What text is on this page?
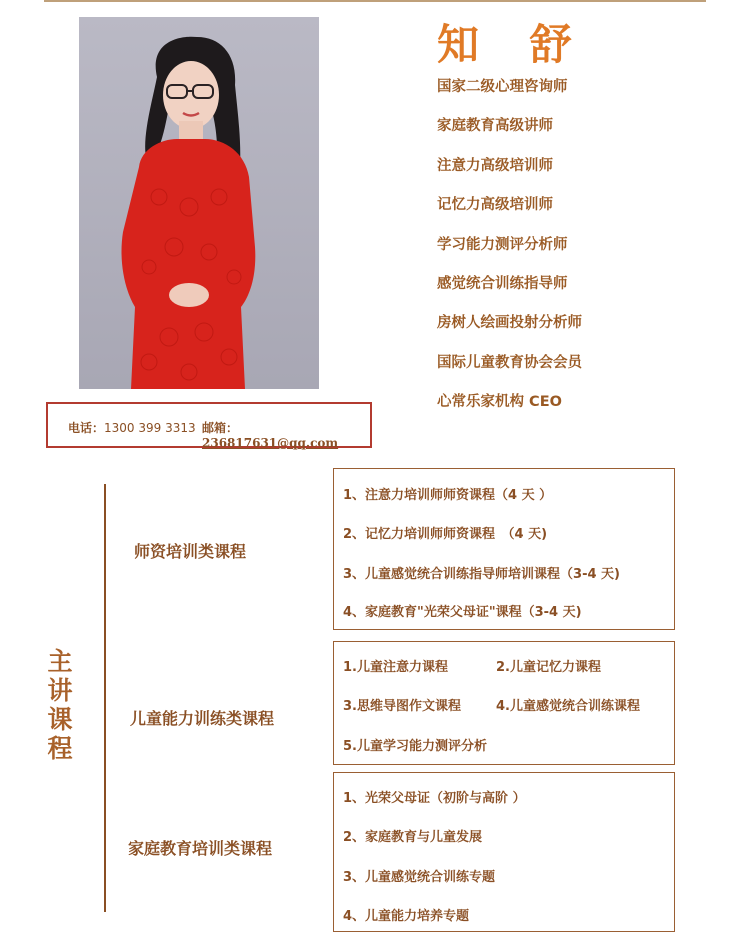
知 舒
国家二级心理咨询师
家庭教育高级讲师
注意力高级培训师
记忆力高级培训师
学习能力测评分析师
感觉统合训练指导师
房树人绘画投射分析师
国际儿童教育协会会员
心常乐家机构 CEO
电话：1300 399 3313 邮箱：236817631@qq.com
主讲课程
师资培训类课程
1、注意力培训师师资课程（4 天 ）
2、记忆力培训师师资课程　（4 天)
3、儿童感觉统合训练指导师培训课程（3-4 天)
4、家庭教育"光荣父母证"课程（3-4 天)
儿童能力训练类课程
1.儿童注意力课程	2.儿童记忆力课程
3.思维导图作文课程	4.儿童感觉统合训练课程
5.儿童学习能力测评分析
家庭教育培训类课程
1、光荣父母证（初阶与高阶 ）
2、家庭教育与儿童发展
3、儿童感觉统合训练专题
4、儿童能力培养专题
